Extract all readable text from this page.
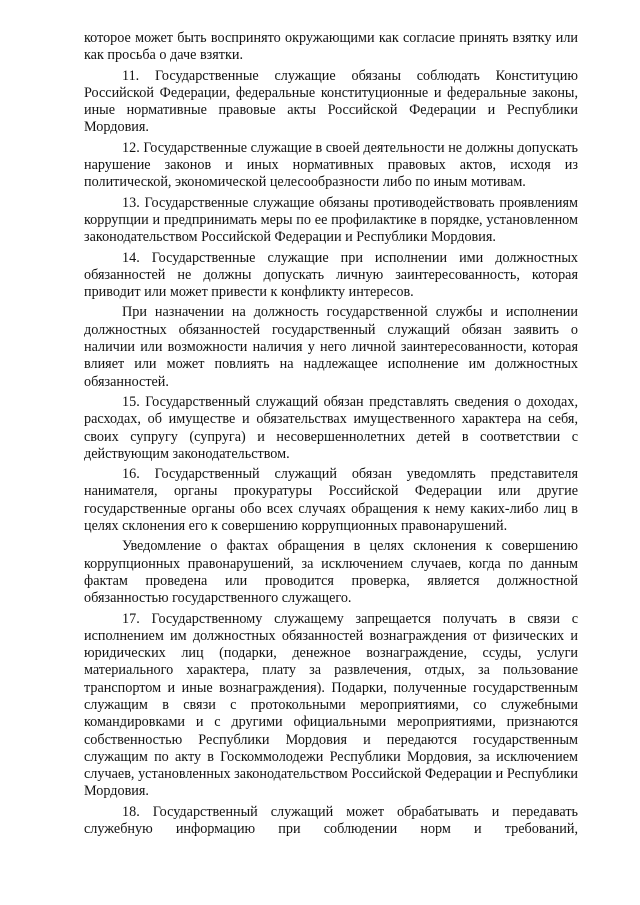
которое может быть воспринято окружающими как согласие принять взятку или как просьба о даче взятки.

11. Государственные служащие обязаны соблюдать Конституцию Российской Федерации, федеральные конституционные и федеральные законы, иные нормативные правовые акты Российской Федерации и Республики Мордовия.

12. Государственные служащие в своей деятельности не должны допускать нарушение законов и иных нормативных правовых актов, исходя из политической, экономической целесообразности либо по иным мотивам.

13. Государственные служащие обязаны противодействовать проявлениям коррупции и предпринимать меры по ее профилактике в порядке, установленном законодательством Российской Федерации и Республики Мордовия.

14. Государственные служащие при исполнении ими должностных обязанностей не должны допускать личную заинтересованность, которая приводит или может привести к конфликту интересов.

При назначении на должность государственной службы и исполнении должностных обязанностей государственный служащий обязан заявить о наличии или возможности наличия у него личной заинтересованности, которая влияет или может повлиять на надлежащее исполнение им должностных обязанностей.

15. Государственный служащий обязан представлять сведения о доходах, расходах, об имуществе и обязательствах имущественного характера на себя, своих супругу (супруга) и несовершеннолетних детей в соответствии с действующим законодательством.

16. Государственный служащий обязан уведомлять представителя нанимателя, органы прокуратуры Российской Федерации или другие государственные органы обо всех случаях обращения к нему каких-либо лиц в целях склонения его к совершению коррупционных правонарушений.

Уведомление о фактах обращения в целях склонения к совершению коррупционных правонарушений, за исключением случаев, когда по данным фактам проведена или проводится проверка, является должностной обязанностью государственного служащего.

17. Государственному служащему запрещается получать в связи с исполнением им должностных обязанностей вознаграждения от физических и юридических лиц (подарки, денежное вознаграждение, ссуды, услуги материального характера, плату за развлечения, отдых, за пользование транспортом и иные вознаграждения). Подарки, полученные государственным служащим в связи с протокольными мероприятиями, со служебными командировками и с другими официальными мероприятиями, признаются собственностью Республики Мордовия и передаются государственным служащим по акту в Госкоммолодежи Республики Мордовия, за исключением случаев, установленных законодательством Российской Федерации и Республики Мордовия.

18. Государственный служащий может обрабатывать и передавать служебную информацию при соблюдении норм и требований,
